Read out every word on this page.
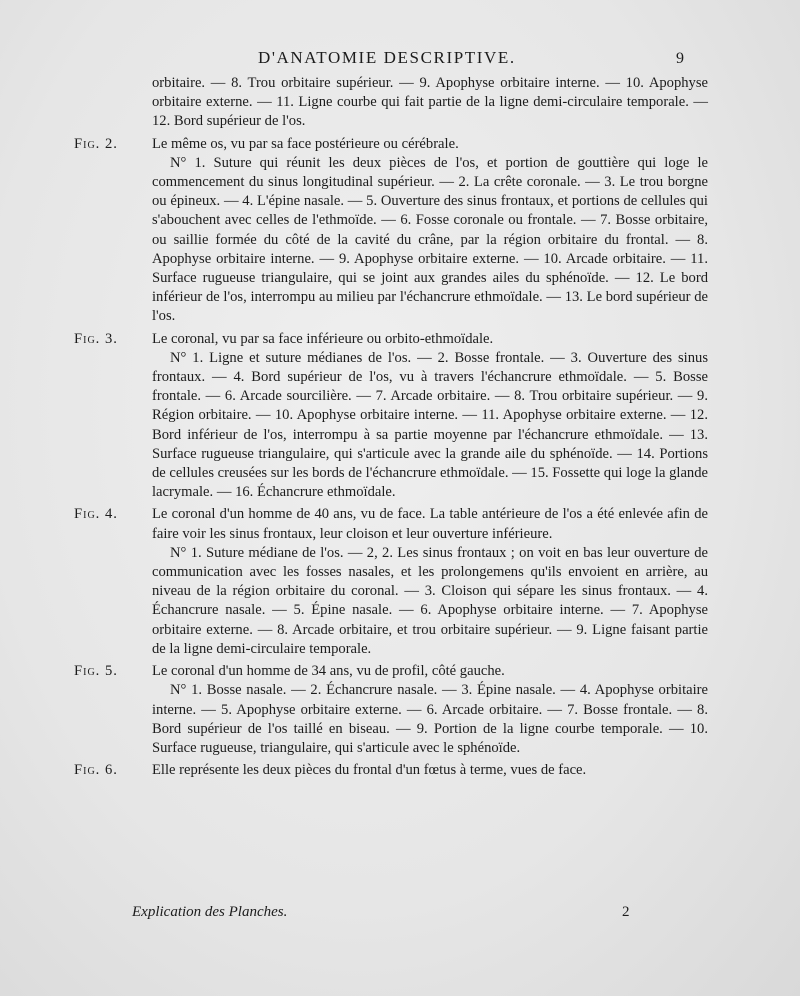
D'ANATOMIE DESCRIPTIVE.	9

orbitaire. — 8. Trou orbitaire supérieur. — 9. Apophyse orbitaire interne. — 10. Apophyse orbitaire externe. — 11. Ligne courbe qui fait partie de la ligne demi-circulaire temporale. — 12. Bord supérieur de l'os.

Fig. 2. Le même os, vu par sa face postérieure ou cérébrale.

N° 1. Suture qui réunit les deux pièces de l'os, et portion de gouttière qui loge le commencement du sinus longitudinal supérieur. — 2. La crête coronale. — 3. Le trou borgne ou épineux. — 4. L'épine nasale. — 5. Ouverture des sinus frontaux, et portions de cellules qui s'abouchent avec celles de l'ethmoïde. — 6. Fosse coronale ou frontale. — 7. Bosse orbitaire, ou saillie formée du côté de la cavité du crâne, par la région orbitaire du frontal. — 8. Apophyse orbitaire interne. — 9. Apophyse orbitaire externe. — 10. Arcade orbitaire. — 11. Surface rugueuse triangulaire, qui se joint aux grandes ailes du sphénoïde. — 12. Le bord inférieur de l'os, interrompu au milieu par l'échancrure ethmoïdale. — 13. Le bord supérieur de l'os.

Fig. 3. Le coronal, vu par sa face inférieure ou orbito-ethmoïdale.

N° 1. Ligne et suture médianes de l'os. — 2. Bosse frontale. — 3. Ouverture des sinus frontaux. — 4. Bord supérieur de l'os, vu à travers l'échancrure ethmoïdale. — 5. Bosse frontale. — 6. Arcade sourcilière. — 7. Arcade orbitaire. — 8. Trou orbitaire supérieur. — 9. Région orbitaire. — 10. Apophyse orbitaire interne. — 11. Apophyse orbitaire externe. — 12. Bord inférieur de l'os, interrompu à sa partie moyenne par l'échancrure ethmoïdale. — 13. Surface rugueuse triangulaire, qui s'articule avec la grande aile du sphénoïde. — 14. Portions de cellules creusées sur les bords de l'échancrure ethmoïdale. — 15. Fossette qui loge la glande lacrymale. — 16. Échancrure ethmoïdale.

Fig. 4. Le coronal d'un homme de 40 ans, vu de face. La table antérieure de l'os a été enlevée afin de faire voir les sinus frontaux, leur cloison et leur ouverture inférieure.

N° 1. Suture médiane de l'os. — 2, 2. Les sinus frontaux ; on voit en bas leur ouverture de communication avec les fosses nasales, et les prolongemens qu'ils envoient en arrière, au niveau de la région orbitaire du coronal. — 3. Cloison qui sépare les sinus frontaux. — 4. Échancrure nasale. — 5. Épine nasale. — 6. Apophyse orbitaire interne. — 7. Apophyse orbitaire externe. — 8. Arcade orbitaire, et trou orbitaire supérieur. — 9. Ligne faisant partie de la ligne demi-circulaire temporale.

Fig. 5. Le coronal d'un homme de 34 ans, vu de profil, côté gauche.

N° 1. Bosse nasale. — 2. Échancrure nasale. — 3. Épine nasale. — 4. Apophyse orbitaire interne. — 5. Apophyse orbitaire externe. — 6. Arcade orbitaire. — 7. Bosse frontale. — 8. Bord supérieur de l'os taillé en biseau. — 9. Portion de la ligne courbe temporale. — 10. Surface rugueuse, triangulaire, qui s'articule avec le sphénoïde.

Fig. 6. Elle représente les deux pièces du frontal d'un fœtus à terme, vues de face.

Explication des Planches.	2
